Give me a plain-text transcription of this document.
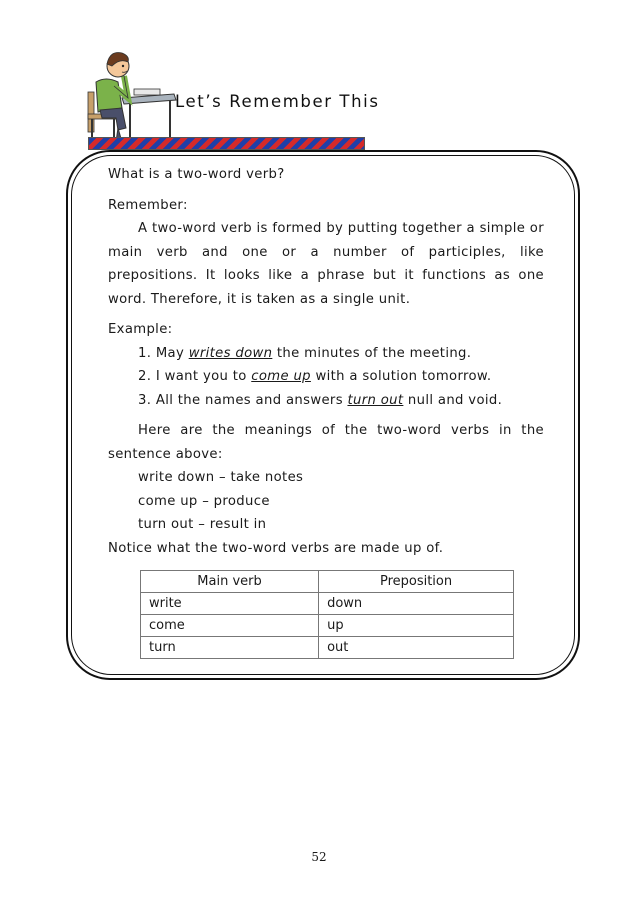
Let’s Remember This

What is a two-word verb?

Remember:

A two-word verb is formed by putting together a simple or main verb and one or a number of participles, like prepositions. It looks like a phrase but it functions as one word. Therefore, it is taken as a single unit.

Example:

1. May writes down the minutes of the meeting.

2. I want you to come up with a solution tomorrow.

3. All the names and answers turn out null and void.

Here are the meanings of the two-word verbs in the sentence above:

write down – take notes

come up – produce

turn out – result in

Notice what the two-word verbs are made up of.

Main verb	Preposition
write	down
come	up
turn	out
52
